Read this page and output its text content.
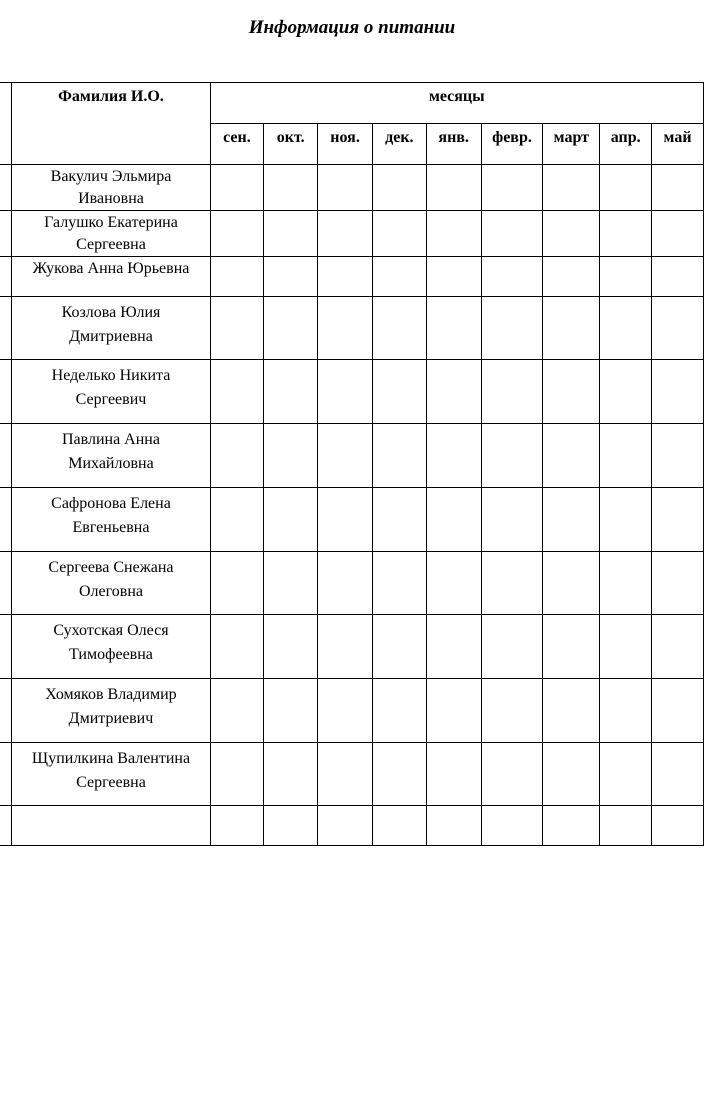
Информация о питании
	Фамилия И.О.	месяцы								
		сен.	окт.	ноя.	дек.	янв.	февр.	март	апр.	май

	Вакулич Эльмира
Ивановна									

	Галушко Екатерина
Сергеевна									

	Жукова Анна Юрьевна									

	Козлова Юлия
Дмитриевна									

	Неделько Никита
Сергеевич									

	Павлина Анна
Михайловна									

	Сафронова Елена
Евгеньевна									

	Сергеева Снежана
Олеговна									

	Сухотская Олеся
Тимофеевна									

	Хомяков Владимир
Дмитриевич									

	Щупилкина Валентина
Сергеевна									
